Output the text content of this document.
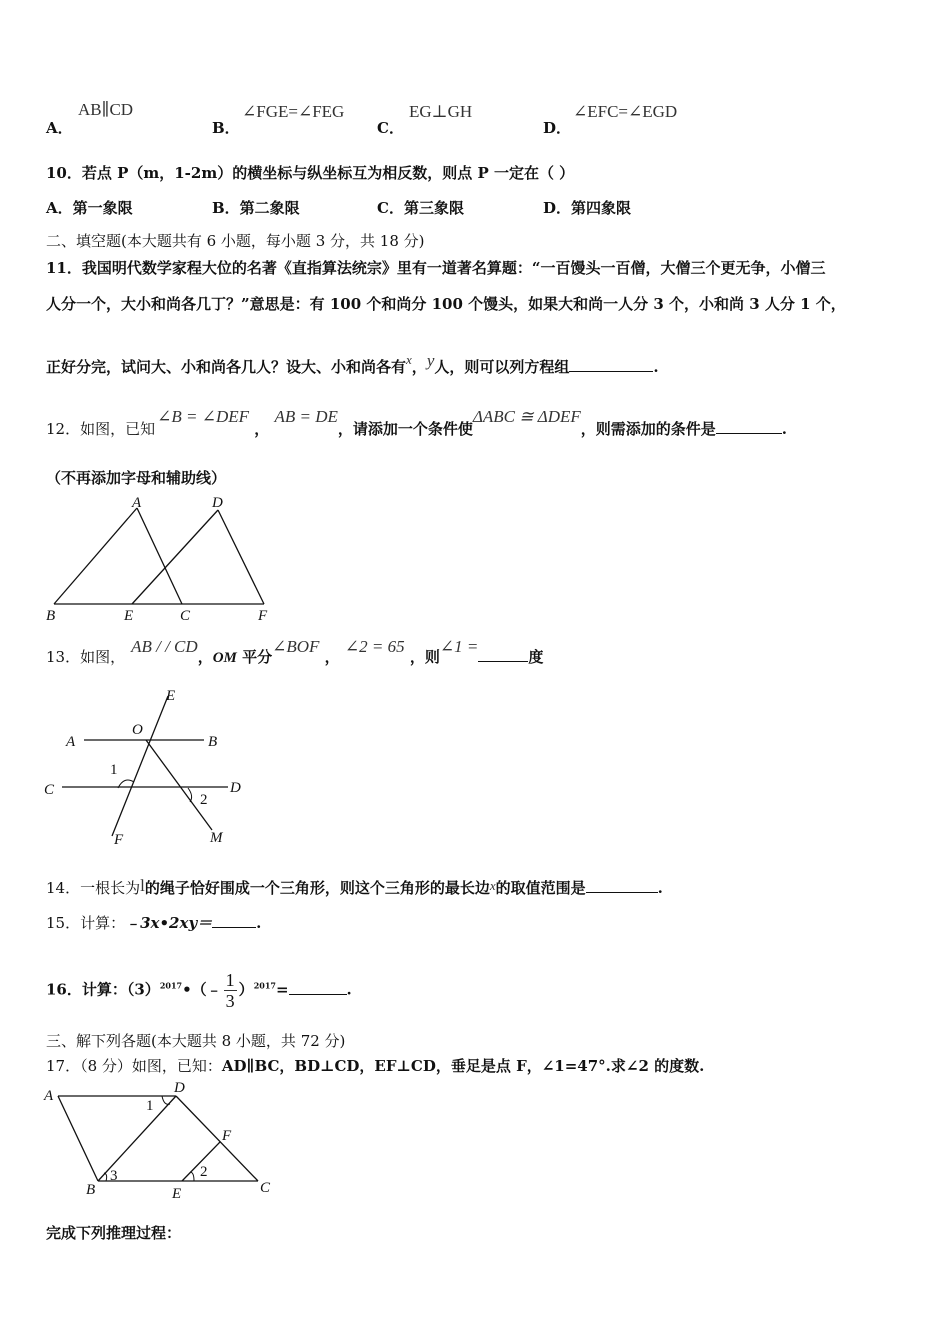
A．
AB∥CD
B．
∠FGE=∠FEG
C．
EG⊥GH
D．
∠EFC=∠EGD
10．若点 P（m，1-2m）的横坐标与纵坐标互为相反数，则点 P 一定在（ ）
A．第一象限	B．第二象限	C．第三象限	D．第四象限
二、填空题(本大题共有 6 小题，每小题 3 分，共 18 分)
11．我国明代数学家程大位的名著《直指算法统宗》里有一道著名算题：“一百馒头一百僧，大僧三个更无争，小僧三
人分一个，大小和尚各几丁？”意思是：有 100 个和尚分 100 个馒头，如果大和尚一人分 3 个，小和尚 3 人分 1 个，
正好分完，试问大、小和尚各几人？设大、小和尚各有x，y人，则可以列方程组	.
12．如图，已知∠B = ∠DEF ， AB = DE，请添加一个条件使ΔABC ≅ ΔDEF，则需添加的条件是	.
（不再添加字母和辅助线）
A	D
B	E	C	F
13．如图，AB / / CD，OM 平分∠BOF ， ∠2 = 65 ，则∠1 =度
E
O
A	B
C	D
F	M
1
2
14．一根长为l的绳子恰好围成一个三角形，则这个三角形的最长边x的取值范围是	.
15．计算：﹣3x•2xy＝	.
16．计算：$(3)^{2017}•(﹣ \frac{1}{3} )^{2017}=$	.
三、解下列各题(本大题共 8 小题，共 72 分)
17．（8 分）如图，已知：AD∥BC，BD⊥CD，EF⊥CD，垂足是点 F，∠1=47°.求∠2 的度数.
A	D
B	E	C
F
1
2
3
完成下列推理过程：
